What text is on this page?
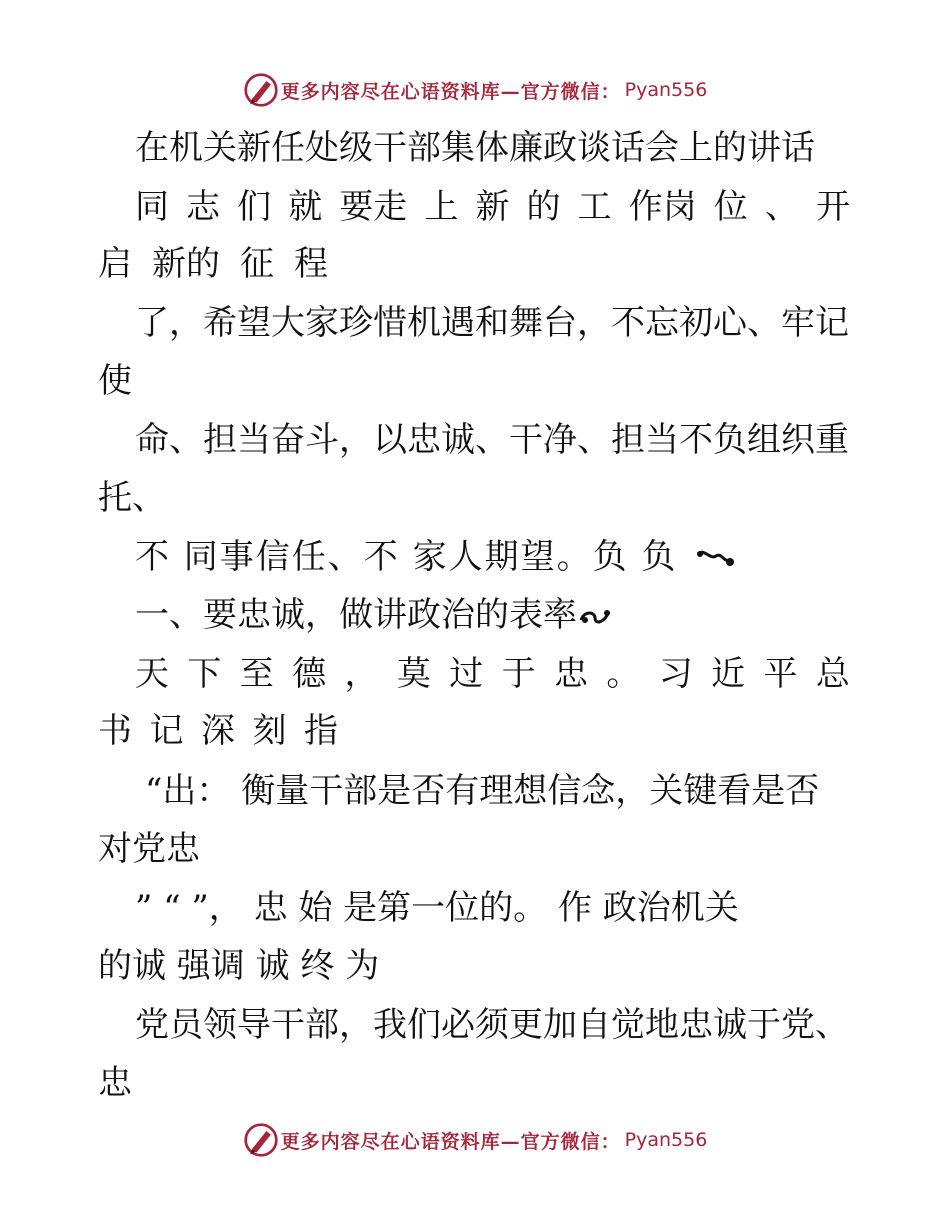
更多内容尽在心语资料库—官方微信： Pyan556
在机关新任处级干部集体廉政谈话会上的讲话
同 志 们 就 要走 上 新 的 工 作岗 位 、 开
启 新的 征 程
了，希望大家珍惜机遇和舞台，不忘初心、牢记
使
命、担当奋斗，以忠诚、干净、担当不负组织重
托、
不 同事信任、不 家人期望。负 负
一、要忠诚，做讲政治的表率
天 下 至 德 ， 莫 过 于 忠 。 习 近 平 总
书 记 深 刻 指
“出： 衡量干部是否有理想信念，关键看是否
对党忠
” “ ”， 忠 始 是第一位的。 作 政治机关
的诚 强调 诚 终 为
党员领导干部，我们必须更加自觉地忠诚于党、
忠
更多内容尽在心语资料库—官方微信： Pyan556
